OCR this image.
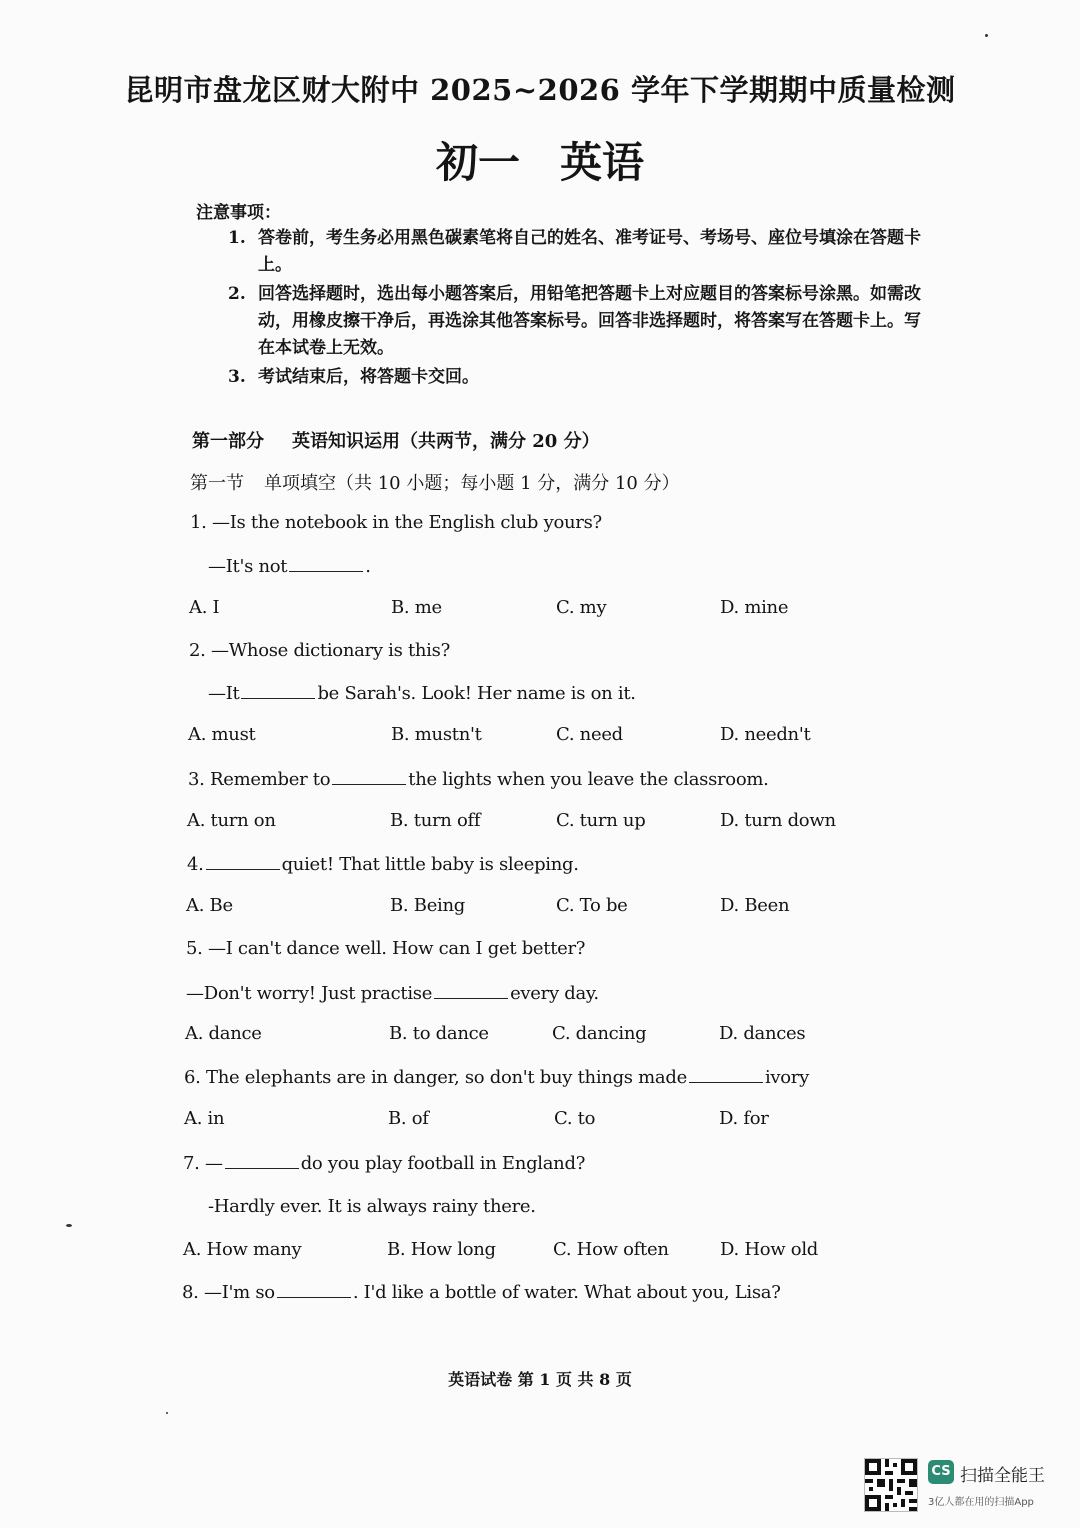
昆明市盘龙区财大附中 2025~2026 学年下学期期中质量检测
初一 英语
注意事项：
1. 答卷前，考生务必用黑色碳素笔将自己的姓名、准考证号、考场号、座位号填涂在答题卡上。
2. 回答选择题时，选出每小题答案后，用铅笔把答题卡上对应题目的答案标号涂黑。如需改动，用橡皮擦干净后，再选涂其他答案标号。回答非选择题时，将答案写在答题卡上。写在本试卷上无效。
3. 考试结束后，将答题卡交回。
第一部分 英语知识运用（共两节，满分 20 分）
第一节 单项填空（共 10 小题；每小题 1 分，满分 10 分）
1. —Is the notebook in the English club yours?
—It's not	.
A. I	B. me	C. my	D. mine
2. —Whose dictionary is this?
—It	be Sarah's. Look! Her name is on it.
A. must	B. mustn't	C. need	D. needn't
3. Remember to	the lights when you leave the classroom.
A. turn on	B. turn off	C. turn up	D. turn down
4.	quiet! That little baby is sleeping.
A. Be	B. Being	C. To be	D. Been
5. —I can't dance well. How can I get better?
—Don't worry! Just practise	every day.
A. dance	B. to dance	C. dancing	D. dances
6. The elephants are in danger, so don't buy things made	ivory
A. in	B. of	C. to	D. for
7. —	do you play football in England?
-Hardly ever. It is always rainy there.
A. How many	B. How long	C. How often	D. How old
8. —I'm so	. I'd like a bottle of water. What about you, Lisa?
英语试卷 第 1 页 共 8 页
CS 扫描全能王
3亿人都在用的扫描App
